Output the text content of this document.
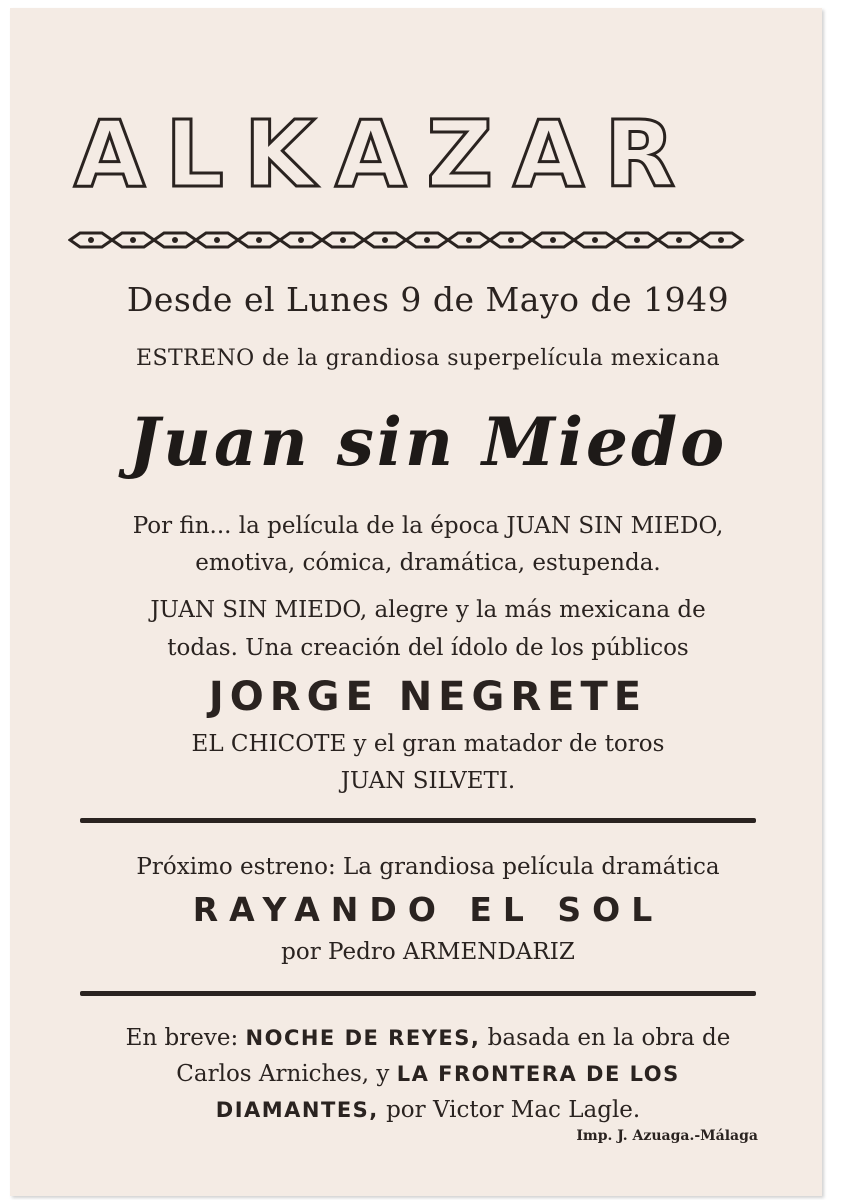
ALKAZAR
Desde el Lunes 9 de Mayo de 1949
ESTRENO de la grandiosa superpelícula mexicana
Juan sin Miedo
Por fin... la película de la época JUAN SIN MIEDO,
emotiva, cómica, dramática, estupenda.
JUAN SIN MIEDO, alegre y la más mexicana de
todas. Una creación del ídolo de los públicos
JORGE NEGRETE
EL CHICOTE y el gran matador de toros
JUAN SILVETI.
Próximo estreno: La grandiosa película dramática
RAYANDO EL SOL
por Pedro ARMENDARIZ
En breve: NOCHE DE REYES, basada en la obra de
Carlos Arniches, y LA FRONTERA DE LOS
DIAMANTES, por Victor Mac Lagle.
Imp. J. Azuaga.-Málaga
